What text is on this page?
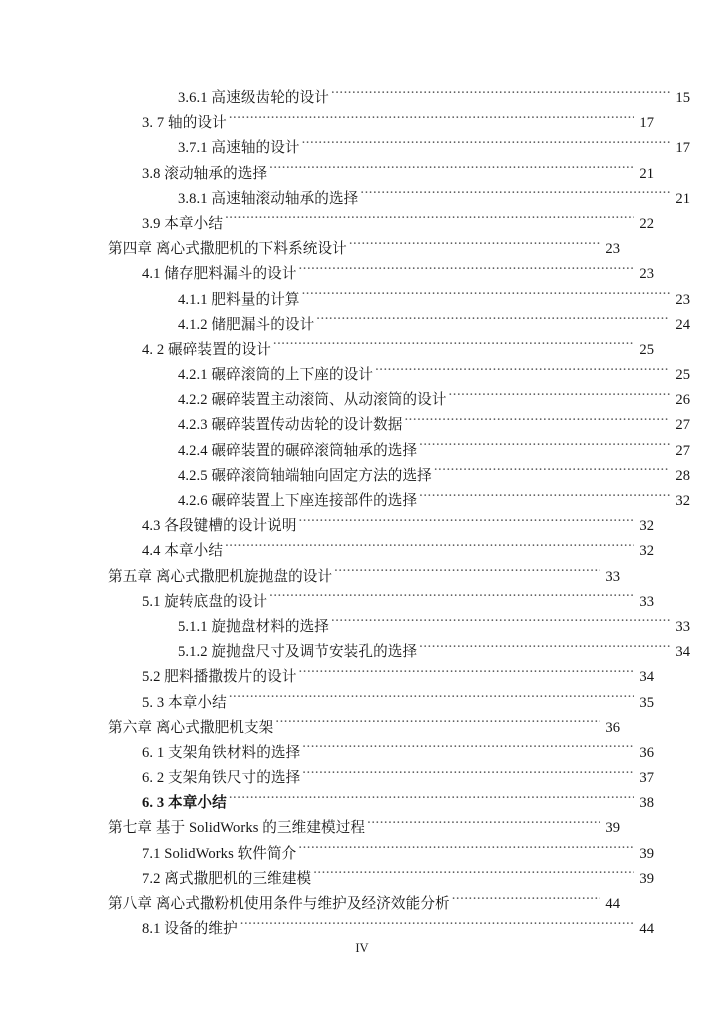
3.6.1 高速级齿轮的设计 .....	15
3. 7 轴的设计 .....	17
3.7.1 高速轴的设计 .....	17
3.8 滚动轴承的选择 .....	21
3.8.1 高速轴滚动轴承的选择 .....	21
3.9 本章小结 .....	22
第四章 离心式撒肥机的下料系统设计 .....	23
4.1 储存肥料漏斗的设计 .....	23
4.1.1 肥料量的计算 .....	23
4.1.2 储肥漏斗的设计 .....	24
4. 2 碾碎装置的设计 .....	25
4.2.1 碾碎滚筒的上下座的设计 .....	25
4.2.2 碾碎装置主动滚筒、从动滚筒的设计 .....	26
4.2.3 碾碎装置传动齿轮的设计数据 .....	27
4.2.4 碾碎装置的碾碎滚筒轴承的选择 .....	27
4.2.5 碾碎滚筒轴端轴向固定方法的选择 .....	28
4.2.6 碾碎装置上下座连接部件的选择 .....	32
4.3 各段键槽的设计说明 .....	32
4.4 本章小结 .....	32
第五章 离心式撒肥机旋抛盘的设计 .....	33
5.1 旋转底盘的设计 .....	33
5.1.1 旋抛盘材料的选择 .....	33
5.1.2 旋抛盘尺寸及调节安装孔的选择 .....	34
5.2 肥料播撒拨片的设计 .....	34
5. 3 本章小结 .....	35
第六章 离心式撒肥机支架 .....	36
6. 1 支架角铁材料的选择 .....	36
6. 2 支架角铁尺寸的选择 .....	37
6. 3 本章小结 .....	38
第七章 基于 SolidWorks 的三维建模过程 .....	39
7.1 SolidWorks 软件简介 .....	39
7.2 离式撒肥机的三维建模 .....	39
第八章 离心式撒粉机使用条件与维护及经济效能分析 .....	44
8.1 设备的维护 .....	44
IV
